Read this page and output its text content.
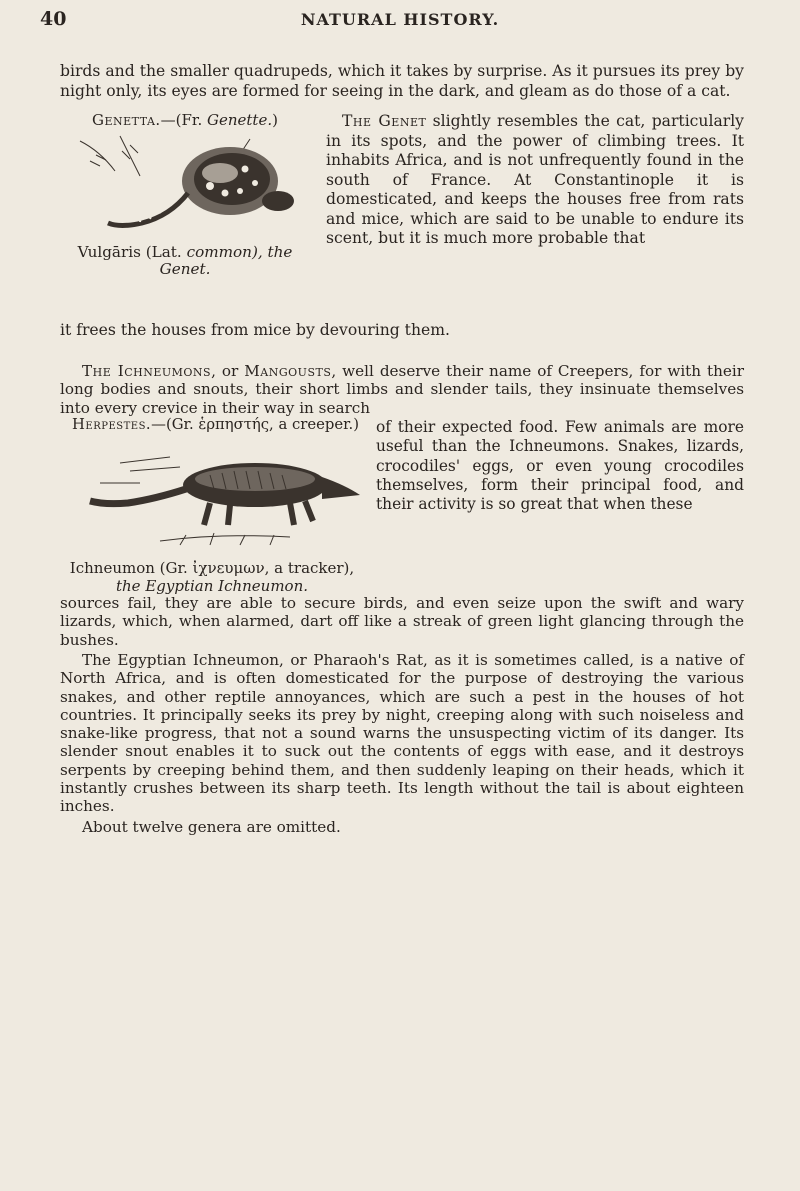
40	NATURAL HISTORY.

birds and the smaller quadrupeds, which it takes by surprise. As it pursues its prey by night only, its eyes are formed for seeing in the dark, and gleam as do those of a cat.

Genetta.—(Fr. Genette.)

Vulgāris (Lat. common), the Genet.

The Genet slightly resembles the cat, particularly in its spots, and the power of climbing trees. It inhabits Africa, and is not unfrequently found in the south of France. At Constantinople it is domesticated, and keeps the houses free from rats and mice, which are said to be unable to endure its scent, but it is much more probable that

it frees the houses from mice by devouring them.

The Ichneumons, or Mangousts, well deserve their name of Creepers, for with their long bodies and snouts, their short limbs and slender tails, they insinuate themselves into every crevice in their way in search

Herpestes.—(Gr. ἑρπηστής, a creeper.)

Ichneumon (Gr. ἰχνευμων, a tracker), the Egyptian Ichneumon.

of their expected food. Few animals are more useful than the Ichneumons. Snakes, lizards, crocodiles' eggs, or even young crocodiles themselves, form their principal food, and their activity is so great that when these

sources fail, they are able to secure birds, and even seize upon the swift and wary lizards, which, when alarmed, dart off like a streak of green light glancing through the bushes.

The Egyptian Ichneumon, or Pharaoh's Rat, as it is sometimes called, is a native of North Africa, and is often domesticated for the purpose of destroying the various snakes, and other reptile annoyances, which are such a pest in the houses of hot countries. It principally seeks its prey by night, creeping along with such noiseless and snake-like progress, that not a sound warns the unsuspecting victim of its danger. Its slender snout enables it to suck out the contents of eggs with ease, and it destroys serpents by creeping behind them, and then suddenly leaping on their heads, which it instantly crushes between its sharp teeth. Its length without the tail is about eighteen inches.

About twelve genera are omitted.
